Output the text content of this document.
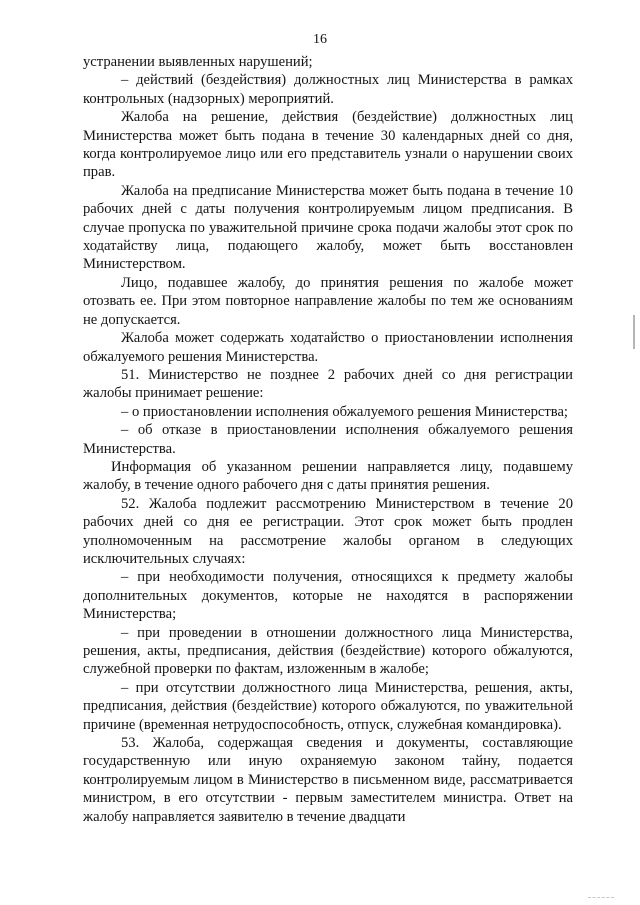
16

устранении выявленных нарушений;

– действий (бездействия) должностных лиц Министерства в рамках контрольных (надзорных) мероприятий.

Жалоба на решение, действия (бездействие) должностных лиц Министерства может быть подана в течение 30 календарных дней со дня, когда контролируемое лицо или его представитель узнали о нарушении своих прав.

Жалоба на предписание Министерства может быть подана в течение 10 рабочих дней с даты получения контролируемым лицом предписания. В случае пропуска по уважительной причине срока подачи жалобы этот срок по ходатайству лица, подающего жалобу, может быть восстановлен Министерством.

Лицо, подавшее жалобу, до принятия решения по жалобе может отозвать ее. При этом повторное направление жалобы по тем же основаниям не допускается.

Жалоба может содержать ходатайство о приостановлении исполнения обжалуемого решения Министерства.

51. Министерство не позднее 2 рабочих дней со дня регистрации жалобы принимает решение:

– о приостановлении исполнения обжалуемого решения Министерства;

– об отказе в приостановлении исполнения обжалуемого решения Министерства.

Информация об указанном решении направляется лицу, подавшему жалобу, в течение одного рабочего дня с даты принятия решения.

52. Жалоба подлежит рассмотрению Министерством в течение 20 рабочих дней со дня ее регистрации. Этот срок может быть продлен уполномоченным на рассмотрение жалобы органом в следующих исключительных случаях:

– при необходимости получения, относящихся к предмету жалобы дополнительных документов, которые не находятся в распоряжении Министерства;

– при проведении в отношении должностного лица Министерства, решения, акты, предписания, действия (бездействие) которого обжалуются, служебной проверки по фактам, изложенным в жалобе;

– при отсутствии должностного лица Министерства, решения, акты, предписания, действия (бездействие) которого обжалуются, по уважительной причине (временная нетрудоспособность, отпуск, служебная командировка).

53. Жалоба, содержащая сведения и документы, составляющие государственную или иную охраняемую законом тайну, подается контролируемым лицом в Министерство в письменном виде, рассматривается министром, в его отсутствии - первым заместителем министра. Ответ на жалобу направляется заявителю в течение двадцати
